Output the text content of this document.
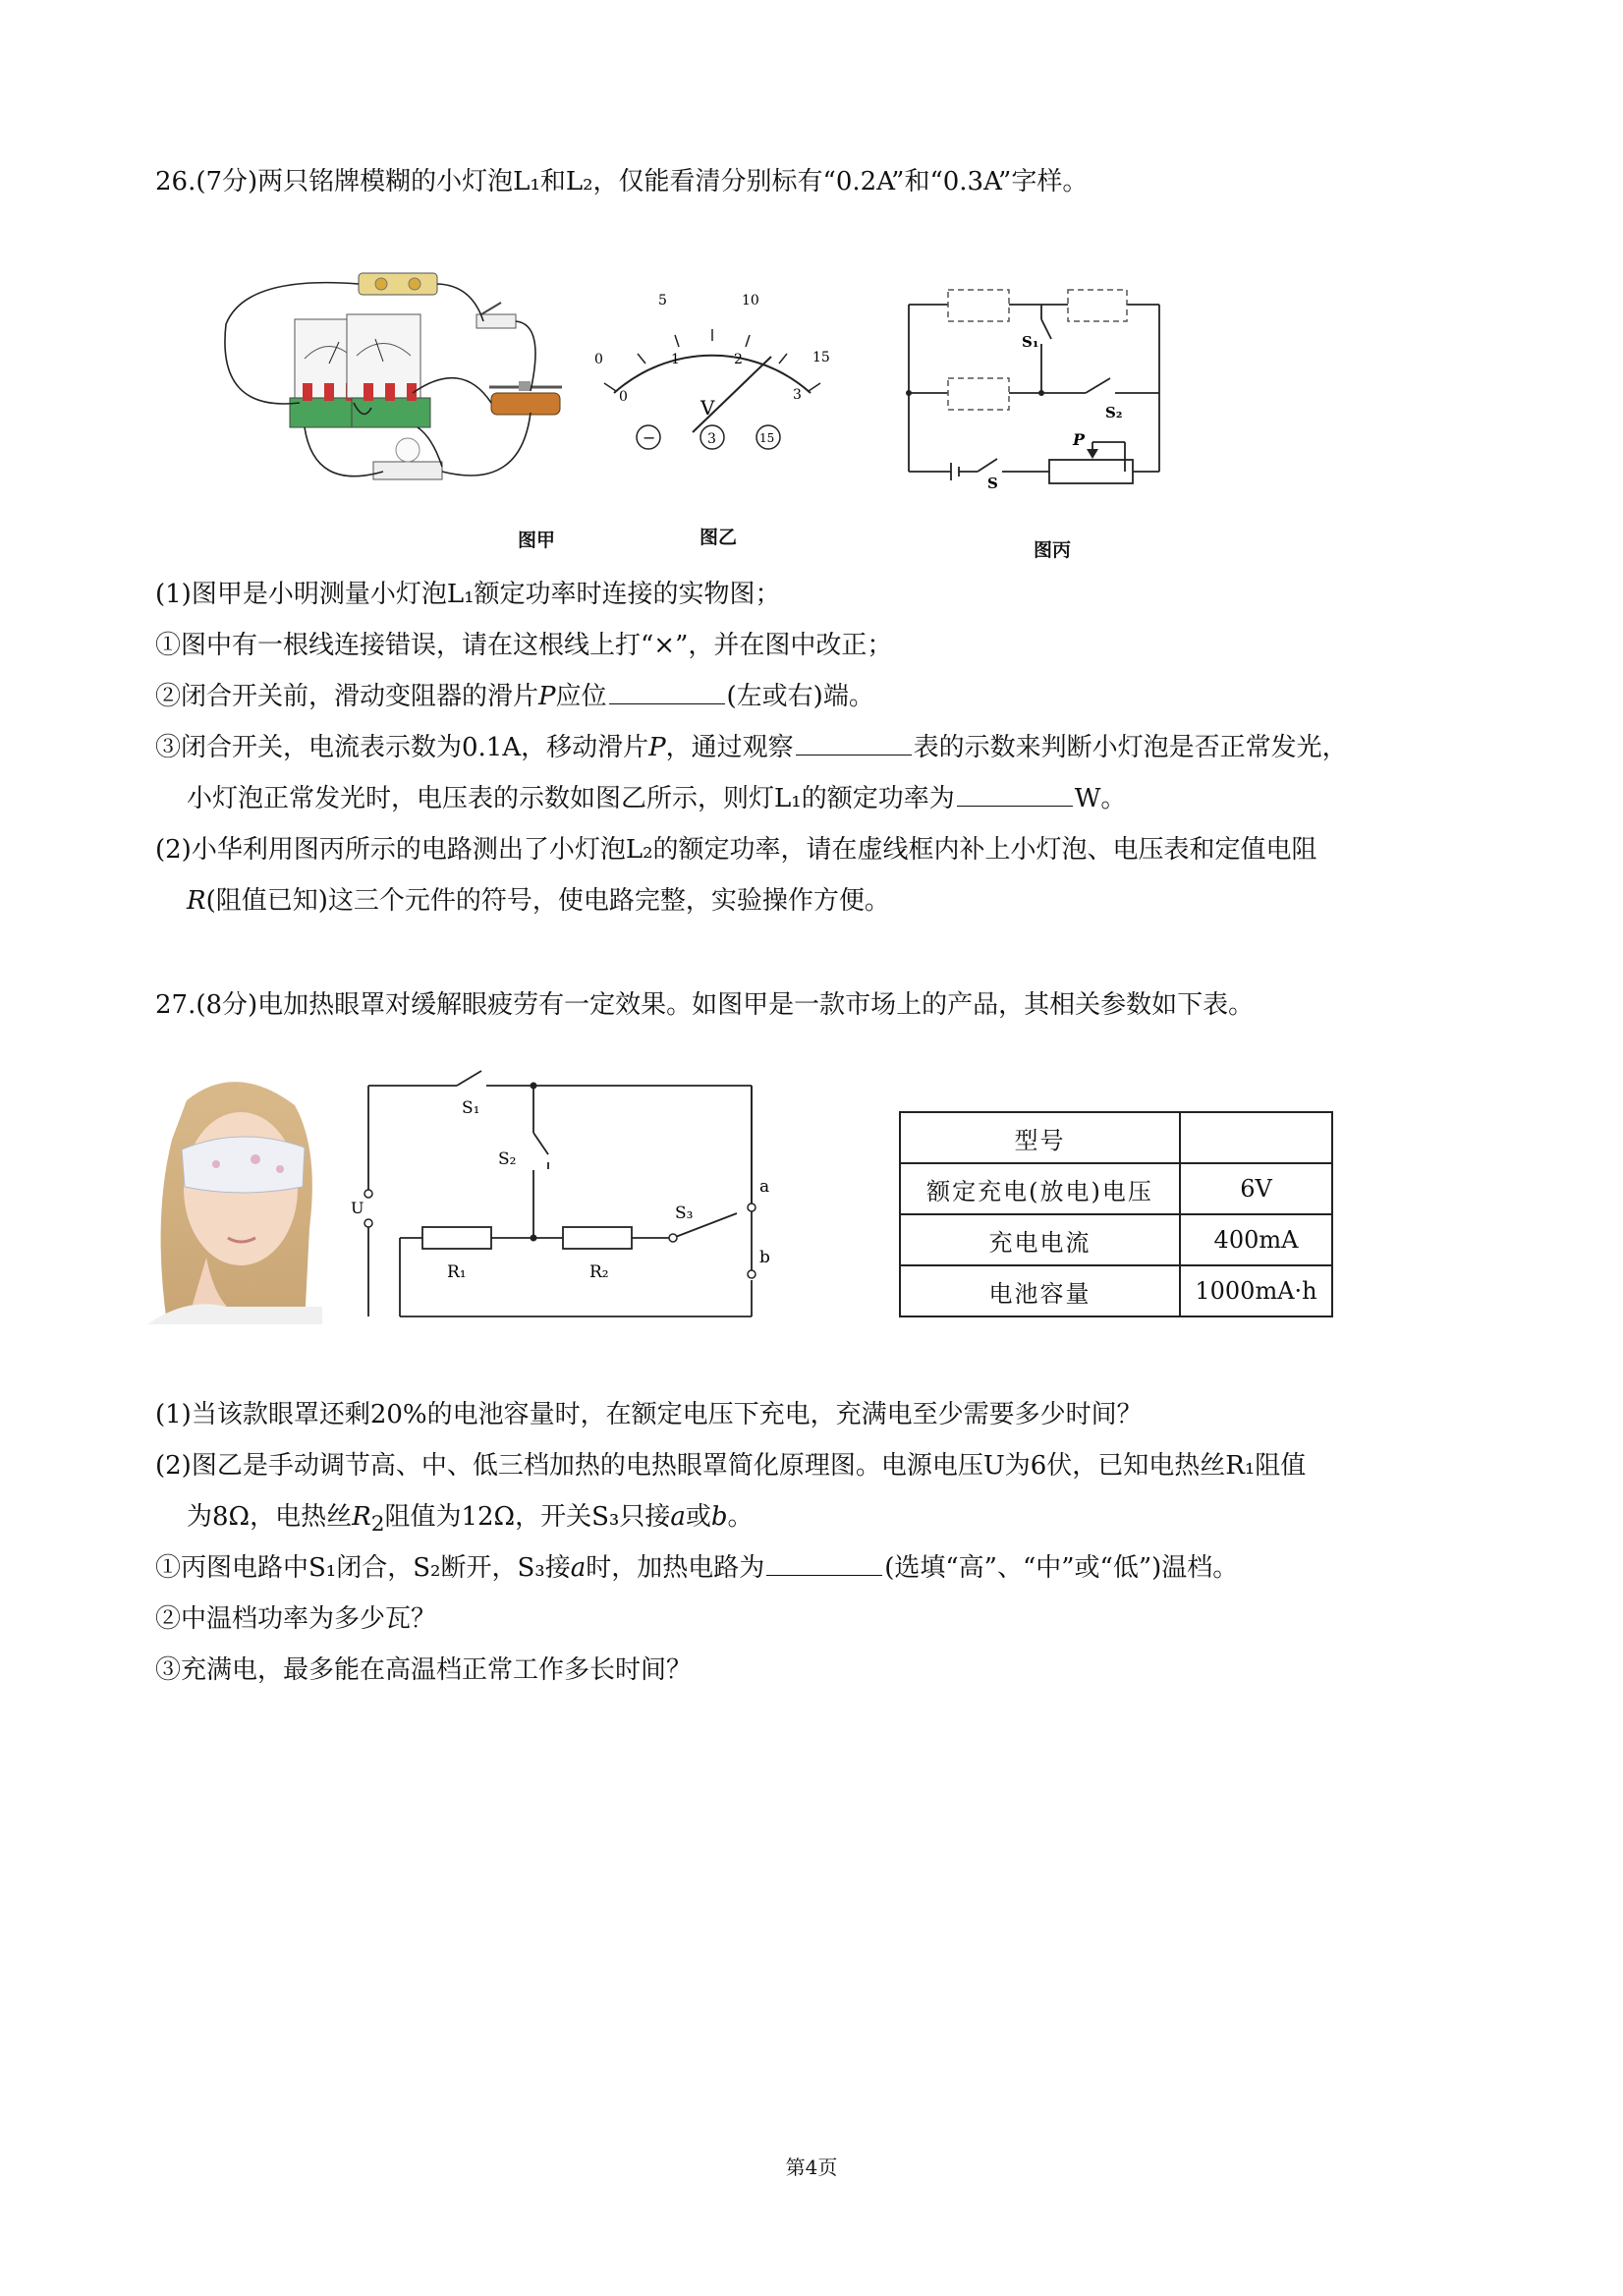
26.(7分)两只铭牌模糊的小灯泡L₁和L₂，仅能看清分别标有“0.2A”和“0.3A”字样。
图甲
0
5	10
15
0
1	2
3
V
−	3	15
图乙
S₁
S₂
S
P
图丙
(1)图甲是小明测量小灯泡L₁额定功率时连接的实物图；
①图中有一根线连接错误，请在这根线上打“×”，并在图中改正；
②闭合开关前，滑动变阻器的滑片P应位	(左或右)端。
③闭合开关，电流表示数为0.1A，移动滑片P，通过观察	表的示数来判断小灯泡是否正常发光，
小灯泡正常发光时，电压表的示数如图乙所示，则灯L₁的额定功率为	W。
(2)小华利用图丙所示的电路测出了小灯泡L₂的额定功率，请在虚线框内补上小灯泡、电压表和定值电阻
R(阻值已知)这三个元件的符号，使电路完整，实验操作方便。
27.(8分)电加热眼罩对缓解眼疲劳有一定效果。如图甲是一款市场上的产品，其相关参数如下表。
S₁
S₂
S₃
U
a
b
R₁	R₂
型号	
额定充电(放电)电压	6V
充电电流	400mA
电池容量	1000mA·h
(1)当该款眼罩还剩20%的电池容量时，在额定电压下充电，充满电至少需要多少时间？
(2)图乙是手动调节高、中、低三档加热的电热眼罩简化原理图。电源电压U为6伏，已知电热丝R₁阻值
为8Ω，电热丝$R_2$阻值为12Ω，开关S₃只接a或b。
①丙图电路中S₁闭合，S₂断开，S₃接a时，加热电路为	(选填“高”、“中”或“低”)温档。
②中温档功率为多少瓦？
③充满电，最多能在高温档正常工作多长时间？
第4页
